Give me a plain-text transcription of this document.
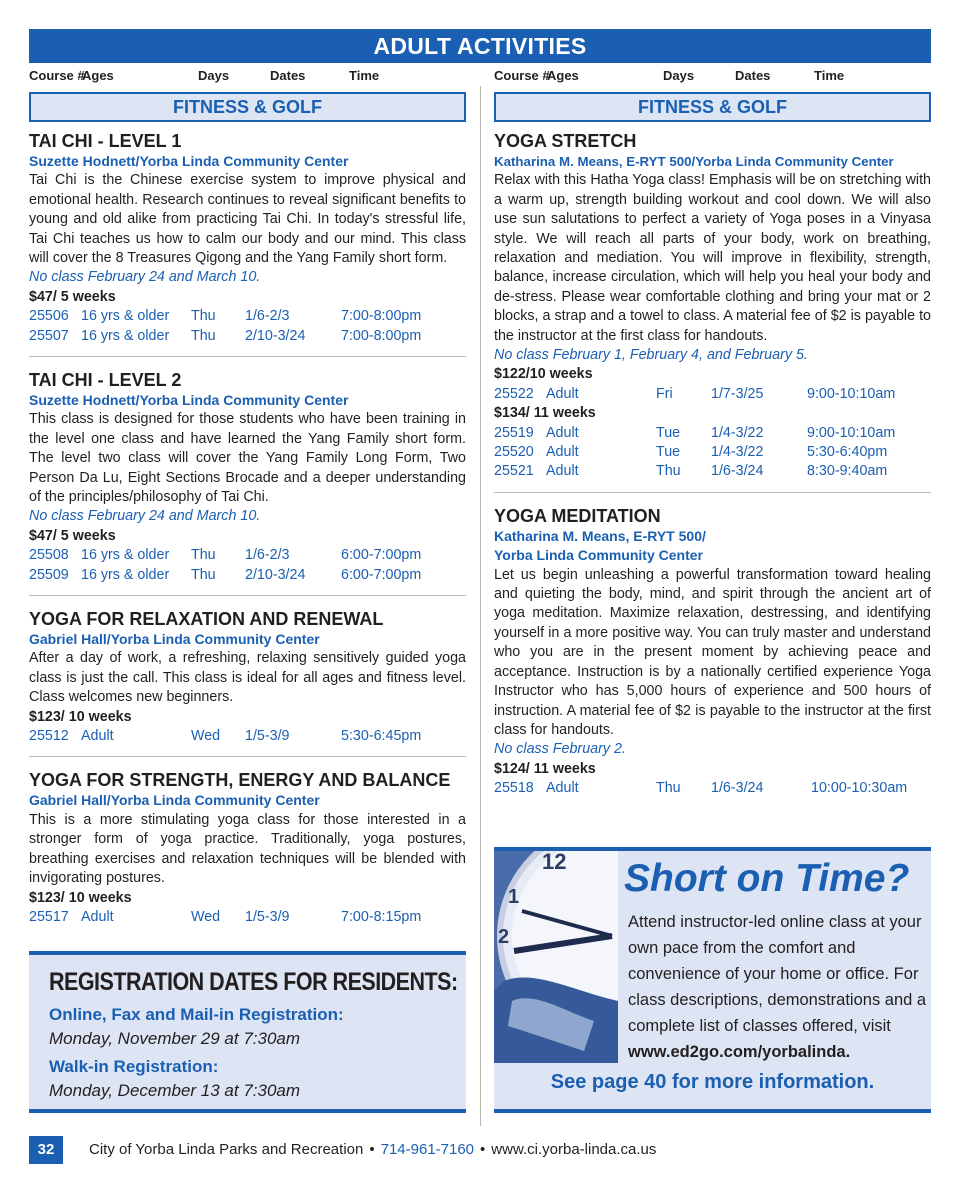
ADULT ACTIVITIES
Course #
Ages	Days	Dates	Time	Course #
Ages	Days	Dates	Time
FITNESS & GOLF
TAI CHI - LEVEL 1
Suzette Hodnett/Yorba Linda Community Center
Tai Chi is the Chinese exercise system to improve physical and emotional health. Research continues to reveal significant benefits to young and old alike from practicing Tai Chi. In today's stressful life, Tai Chi teaches us how to calm our body and our mind. This class will cover the 8 Treasures Qigong and the Yang Family short form.
No class February 24 and March 10.
$47/ 5 weeks
25506 16 yrs & older Thu 1/6-2/3	7:00-8:00pm
25507 16 yrs & older Thu 2/10-3/24 7:00-8:00pm
TAI CHI - LEVEL 2
Suzette Hodnett/Yorba Linda Community Center
This class is designed for those students who have been training in the level one class and have learned the Yang Family short form. The level two class will cover the Yang Family Long Form, Two Person Da Lu, Eight Sections Brocade and a deeper understanding of the principles/philosophy of Tai Chi.
No class February 24 and March 10.
$47/ 5 weeks
25508 16 yrs & older Thu 1/6-2/3	6:00-7:00pm
25509 16 yrs & older Thu 2/10-3/24 6:00-7:00pm
YOGA FOR RELAXATION AND RENEWAL
Gabriel Hall/Yorba Linda Community Center
After a day of work, a refreshing, relaxing sensitively guided yoga class is just the call. This class is ideal for all ages and fitness level. Class welcomes new beginners.
$123/ 10 weeks
25512 Adult	Wed 1/5-3/9	5:30-6:45pm
YOGA FOR STRENGTH, ENERGY AND BALANCE
Gabriel Hall/Yorba Linda Community Center
This is a more stimulating yoga class for those interested in a stronger form of yoga practice. Traditionally, yoga postures, breathing exercises and relaxation techniques will be blended with invigorating postures.
$123/ 10 weeks
25517 Adult	Wed 1/5-3/9	7:00-8:15pm
FITNESS & GOLF
YOGA STRETCH
Katharina M. Means, E-RYT 500/Yorba Linda Community Center
Relax with this Hatha Yoga class! Emphasis will be on stretching with a warm up, strength building workout and cool down. We will also use sun salutations to perfect a variety of Yoga poses in a Vinyasa style. We will reach all parts of your body, work on breathing, relaxation and mediation. You will improve in flexibility, strength, balance, increase circulation, which will help you heal your body and de-stress. Please wear comfortable clothing and bring your mat or 2 blocks, a strap and a towel to class. A material fee of $2 is payable to the instructor at the first class for handouts.
No class February 1, February 4, and February 5.
$122/10 weeks
25522 Adult	Fri	1/7-3/25	9:00-10:10am
$134/ 11 weeks
25519 Adult	Tue 1/4-3/22	9:00-10:10am
25520 Adult	Tue 1/4-3/22	5:30-6:40pm
25521 Adult	Thu 1/6-3/24	8:30-9:40am
YOGA MEDITATION
Katharina M. Means, E-RYT 500/
Yorba Linda Community Center
Let us begin unleashing a powerful transformation toward healing and quieting the body, mind, and spirit through the ancient art of yoga meditation. Maximize relaxation, destressing, and identifying yourself in a more positive way. You can truly master and understand who you are in the present moment by achieving peace and acceptance. Instruction is by a nationally certified experience Yoga Instructor who has 5,000 hours of experience and 500 hours of instruction. A material fee of $2 is payable to the instructor at the first class for handouts.
No class February 2.
$124/ 11 weeks
25518 Adult	Thu 1/6-3/24	10:00-10:30am
REGISTRATION DATES FOR RESIDENTS:
Online, Fax and Mail-in Registration:
Monday, November 29 at 7:30am
Walk-in Registration:
Monday, December 13 at 7:30am
12
1
2
Short on Time?
Attend instructor-led online class at your own pace from the comfort and convenience of your home or office. For class descriptions, demonstrations and a complete list of classes offered, visit www.ed2go.com/yorbalinda.
See page 40 for more information.
32	City of Yorba Linda Parks and Recreation • 714-961-7160 • www.ci.yorba-linda.ca.us
